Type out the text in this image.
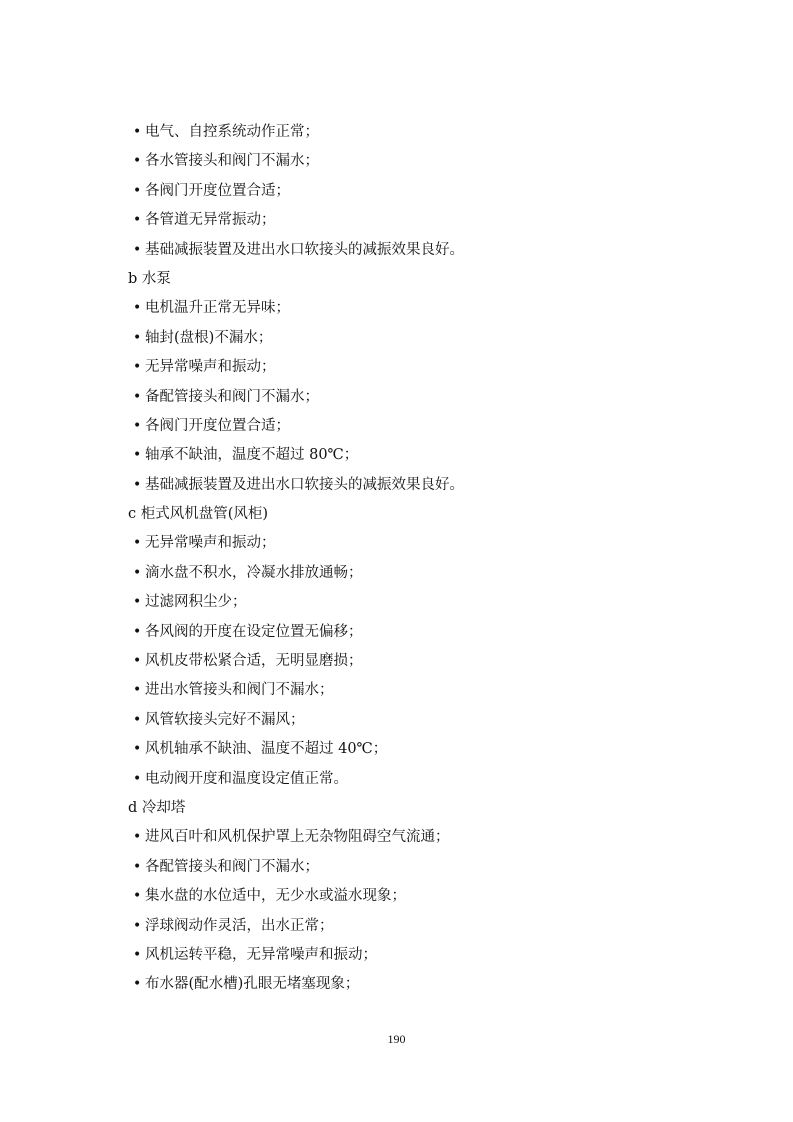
• 电气、自控系统动作正常；
• 各水管接头和阀门不漏水；
• 各阀门开度位置合适；
• 各管道无异常振动；
• 基础减振装置及进出水口软接头的减振效果良好。
b 水泵
• 电机温升正常无异味；
• 轴封(盘根)不漏水；
• 无异常噪声和振动；
• 备配管接头和阀门不漏水；
• 各阀门开度位置合适；
• 轴承不缺油，温度不超过 80℃；
• 基础减振装置及进出水口软接头的减振效果良好。
c 柜式风机盘管(风柜)
• 无异常噪声和振动；
• 滴水盘不积水，冷凝水排放通畅；
• 过滤网积尘少；
• 各风阀的开度在设定位置无偏移；
• 风机皮带松紧合适，无明显磨损；
• 进出水管接头和阀门不漏水；
• 风管软接头完好不漏风；
• 风机轴承不缺油、温度不超过 40℃；
• 电动阀开度和温度设定值正常。
d 冷却塔
• 进风百叶和风机保护罩上无杂物阻碍空气流通；
• 各配管接头和阀门不漏水；
• 集水盘的水位适中，无少水或溢水现象；
• 浮球阀动作灵活，出水正常；
• 风机运转平稳，无异常噪声和振动；
• 布水器(配水槽)孔眼无堵塞现象；
190
